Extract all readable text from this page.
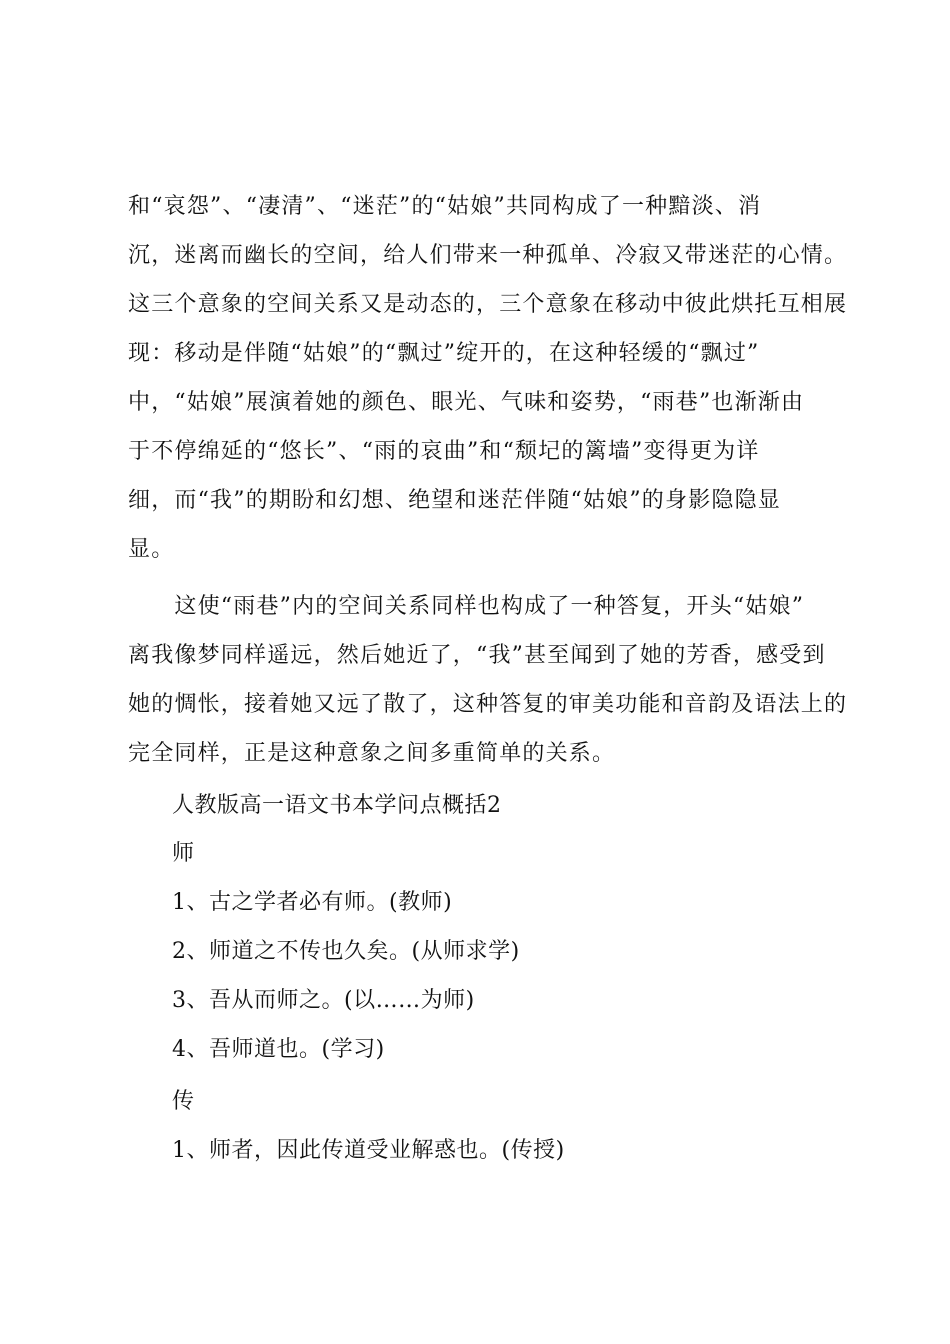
和“哀怨”、“凄清”、“迷茫”的“姑娘”共同构成了一种黯淡、消
沉，迷离而幽长的空间，给人们带来一种孤单、冷寂又带迷茫的心情。
这三个意象的空间关系又是动态的，三个意象在移动中彼此烘托互相展
现：移动是伴随“姑娘”的“飘过”绽开的，在这种轻缓的“飘过”
中，“姑娘”展演着她的颜色、眼光、气味和姿势，“雨巷”也渐渐由
于不停绵延的“悠长”、“雨的哀曲”和“颓圮的篱墙”变得更为详
细，而“我”的期盼和幻想、绝望和迷茫伴随“姑娘”的身影隐隐显
显。
　　这使“雨巷”内的空间关系同样也构成了一种答复，开头“姑娘”
离我像梦同样遥远，然后她近了，“我”甚至闻到了她的芳香，感受到
她的惆怅，接着她又远了散了，这种答复的审美功能和音韵及语法上的
完全同样，正是这种意象之间多重简单的关系。

人教版高一语文书本学问点概括2

师

1、古之学者必有师。(教师)

2、师道之不传也久矣。(从师求学)

3、吾从而师之。(以……为师)

4、吾师道也。(学习)

传

1、师者，因此传道受业解惑也。(传授)
